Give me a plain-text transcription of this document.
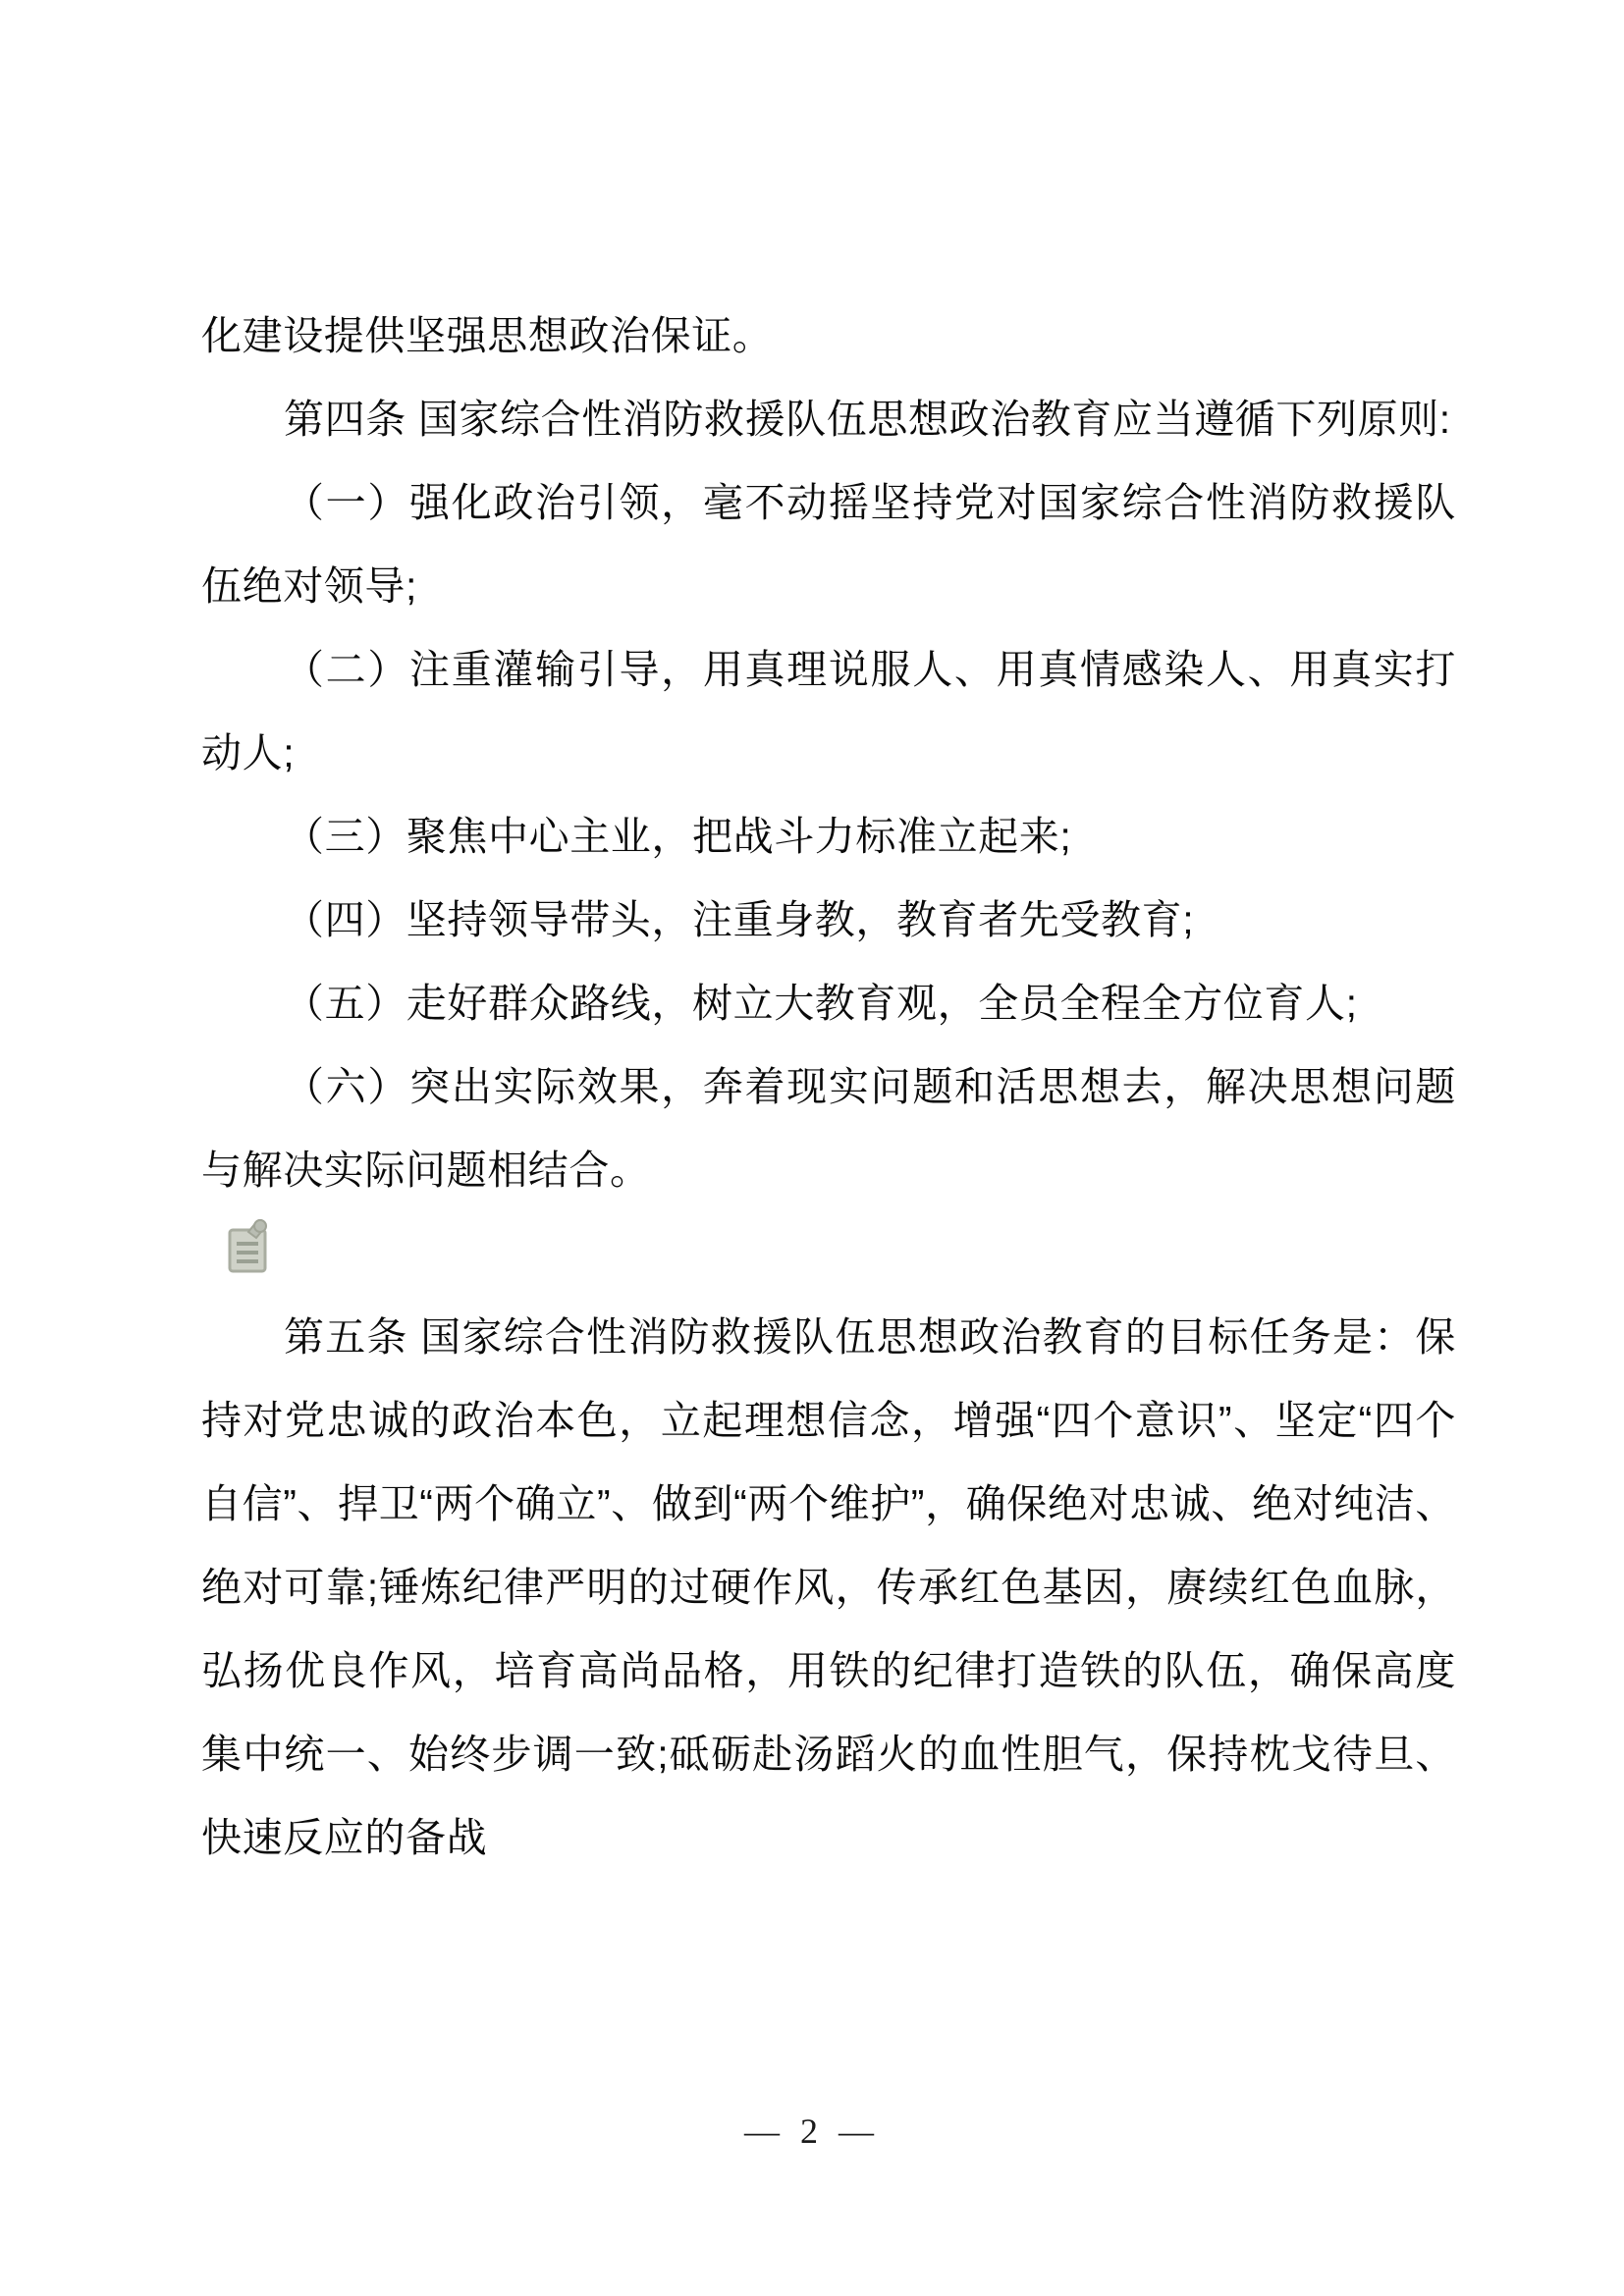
化建设提供坚强思想政治保证。

第四条 国家综合性消防救援队伍思想政治教育应当遵循下列原则:

（一）强化政治引领，毫不动摇坚持党对国家综合性消防救援队伍绝对领导;

（二）注重灌输引导，用真理说服人、用真情感染人、用真实打动人;

（三）聚焦中心主业，把战斗力标准立起来;

（四）坚持领导带头，注重身教，教育者先受教育;

（五）走好群众路线，树立大教育观，全员全程全方位育人;

（六）突出实际效果，奔着现实问题和活思想去，解决思想问题与解决实际问题相结合。

第五条 国家综合性消防救援队伍思想政治教育的目标任务是：保持对党忠诚的政治本色，立起理想信念，增强“四个意识”、坚定“四个自信”、捍卫“两个确立”、做到“两个维护”，确保绝对忠诚、绝对纯洁、绝对可靠;锤炼纪律严明的过硬作风，传承红色基因，赓续红色血脉，弘扬优良作风，培育高尚品格，用铁的纪律打造铁的队伍，确保高度集中统一、始终步调一致;砥砺赴汤蹈火的血性胆气，保持枕戈待旦、快速反应的备战

— 2 —
